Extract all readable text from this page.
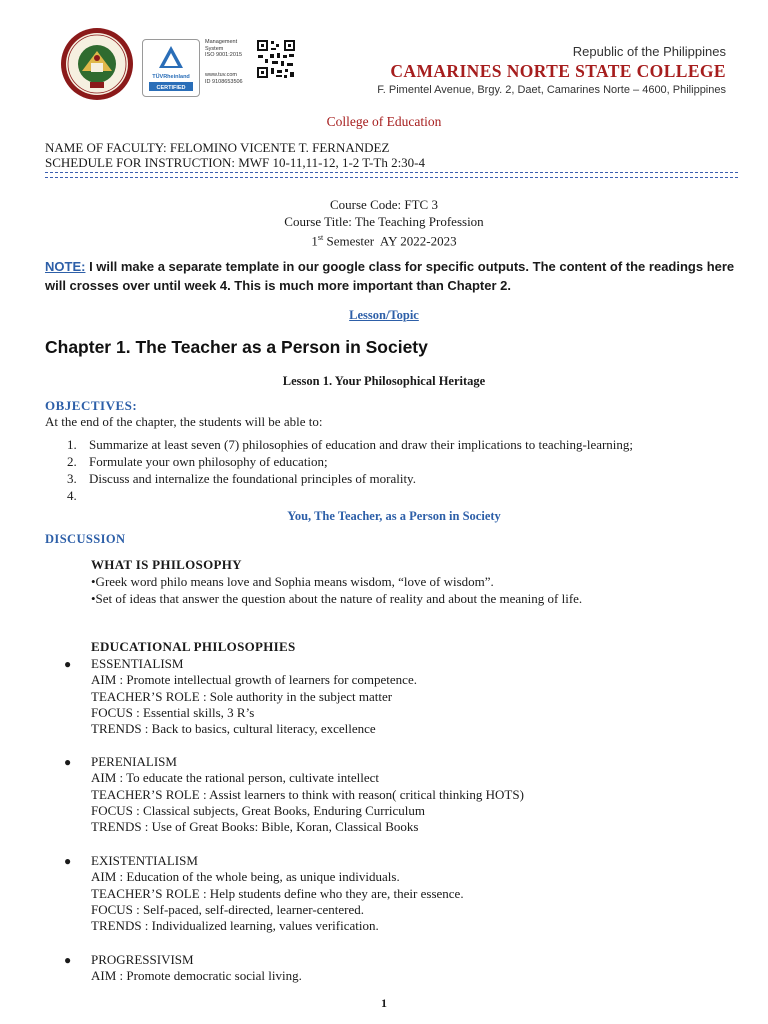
TÜVRheinland
CERTIFIED
Management
System
ISO 9001:2015
www.tuv.com
ID 9108653506
Republic of the Philippines
CAMARINES NORTE STATE COLLEGE
F. Pimentel Avenue, Brgy. 2, Daet, Camarines Norte – 4600, Philippines
College of Education
NAME OF FACULTY: FELOMINO VICENTE T. FERNANDEZ
SCHEDULE FOR INSTRUCTION: MWF 10-11,11-12, 1-2 T-Th 2:30-4
Course Code: FTC 3
Course Title: The Teaching Profession
1st Semester  AY 2022-2023
NOTE: I will make a separate template in our google class for specific outputs. The content of the readings here will crosses over until week 4. This is much more important than Chapter 2.
Lesson/Topic
Chapter 1. The Teacher as a Person in Society
Lesson 1. Your Philosophical Heritage
OBJECTIVES:
At the end of the chapter, the students will be able to:
1. Summarize at least seven (7) philosophies of education and draw their implications to teaching-learning;
2. Formulate your own philosophy of education;
3. Discuss and internalize the foundational principles of morality.
4.
You, The Teacher, as a Person in Society
DISCUSSION
WHAT IS PHILOSOPHY
•Greek word philo means love and Sophia means wisdom, “love of wisdom”.
•Set of ideas that answer the question about the nature of reality and about the meaning of life.
EDUCATIONAL PHILOSOPHIES
● ESSENTIALISM
AIM : Promote intellectual growth of learners for competence.
TEACHER’S ROLE : Sole authority in the subject matter
FOCUS : Essential skills, 3 R’s
TRENDS : Back to basics, cultural literacy, excellence
● PERENIALISM
AIM : To educate the rational person, cultivate intellect
TEACHER’S ROLE : Assist learners to think with reason( critical thinking HOTS)
FOCUS : Classical subjects, Great Books, Enduring Curriculum
TRENDS : Use of Great Books: Bible, Koran, Classical Books
● EXISTENTIALISM
AIM : Education of the whole being, as unique individuals.
TEACHER’S ROLE : Help students define who they are, their essence.
FOCUS : Self-paced, self-directed, learner-centered.
TRENDS : Individualized learning, values verification.
● PROGRESSIVISM
AIM : Promote democratic social living.
1
